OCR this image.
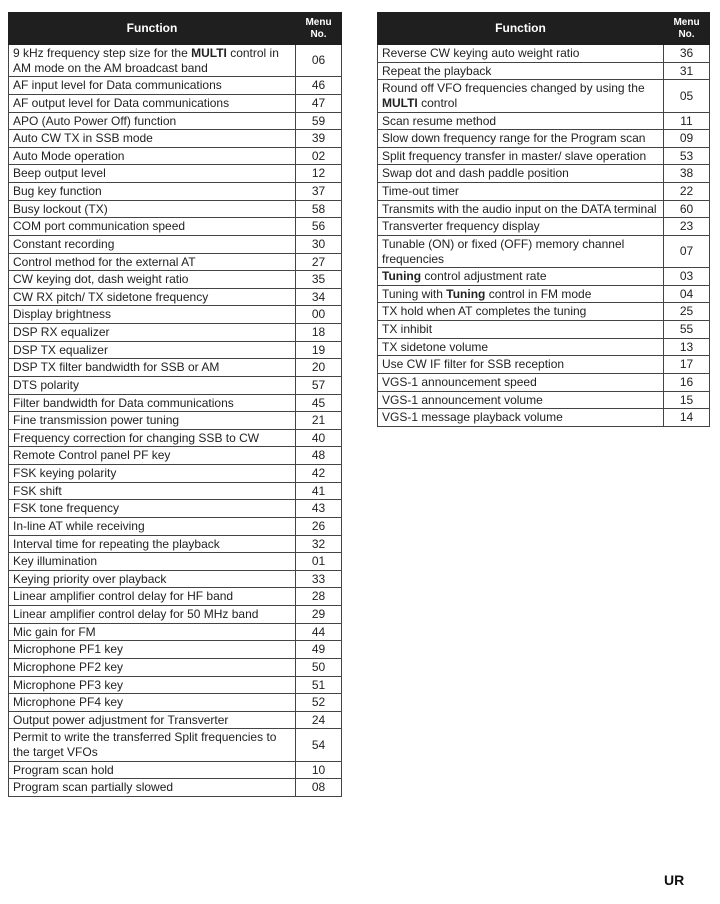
Function	Menu
No.
9 kHz frequency step size for the MULTI control in AM mode on the AM broadcast band	06
AF input level for Data communications	46
AF output level for Data communications	47
APO (Auto Power Off) function	59
Auto CW TX in SSB mode	39
Auto Mode operation	02
Beep output level	12
Bug key function	37
Busy lockout (TX)	58
COM port communication speed	56
Constant recording	30
Control method for the external AT	27
CW keying dot, dash weight ratio	35
CW RX pitch/ TX sidetone frequency	34
Display brightness	00
DSP RX equalizer	18
DSP TX equalizer	19
DSP TX filter bandwidth for SSB or AM	20
DTS polarity	57
Filter bandwidth for Data communications	45
Fine transmission power tuning	21
Frequency correction for changing SSB to CW	40
Remote Control panel PF key	48
FSK keying polarity	42
FSK shift	41
FSK tone frequency	43
In-line AT while receiving	26
Interval time for repeating the playback	32
Key illumination	01
Keying priority over playback	33
Linear amplifier control delay for HF band	28
Linear amplifier control delay for 50 MHz band	29
Mic gain for FM	44
Microphone PF1 key	49
Microphone PF2 key	50
Microphone PF3 key	51
Microphone PF4 key	52
Output power adjustment for Transverter	24
Permit to write the transferred Split frequencies to the target VFOs	54
Program scan hold	10
Program scan partially slowed	08
Function	Menu
No.
Reverse CW keying auto weight ratio	36
Repeat the playback	31
Round off VFO frequencies changed by using the MULTI control	05
Scan resume method	11
Slow down frequency range for the Program scan	09
Split frequency transfer in master/ slave operation	53
Swap dot and dash paddle position	38
Time-out timer	22
Transmits with the audio input on the DATA terminal	60
Transverter frequency display	23
Tunable (ON) or fixed (OFF) memory channel frequencies	07
Tuning control adjustment rate	03
Tuning with Tuning control in FM mode	04
TX hold when AT completes the tuning	25
TX inhibit	55
TX sidetone volume	13
Use CW IF filter for SSB reception	17
VGS-1 announcement speed	16
VGS-1 announcement volume	15
VGS-1 message playback volume	14
UR
